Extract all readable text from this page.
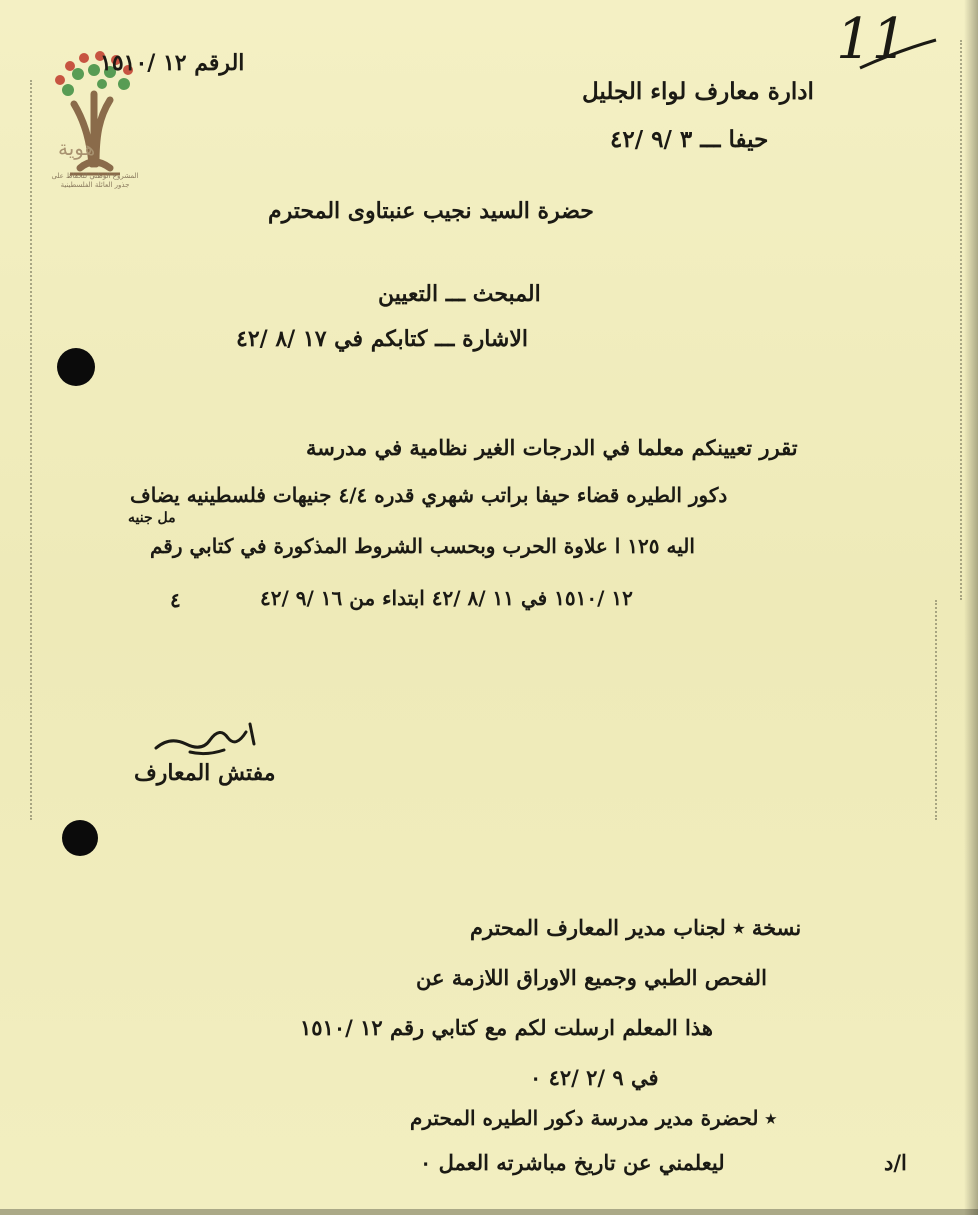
هوية
المشروع الوطني للحفاظ على
جذور العائلة الفلسطينية
11
الرقم ١٢ /١٥١٠
ادارة معارف لواء الجليل
حيفا ـــ ٣ /٩ /٤٢
حضرة السيد نجيب عنبتاوى المحترم
المبحث ـــ التعيين
الاشارة ـــ كتابكم في ١٧ /٨ /٤٢
تقرر تعيينكم معلما في الدرجات الغير نظامية في مدرسة
دكور الطيره قضاء حيفا براتب شهري قدره ٤/٤ جنيهات فلسطينيه يضاف
مل جنيه
اليه ١٢٥ ا علاوة الحرب وبحسب الشروط المذكورة في كتابي رقم
١٢ /١٥١٠ في ١١ /٨ /٤٢ ابتداء من ١٦ /٩ /٤٢
٤
مفتش المعارف
نسخة ٭ لجناب مدير المعارف المحترم
الفحص الطبي وجميع الاوراق اللازمة عن
هذا المعلم ارسلت لكم مع كتابي رقم ١٢ /١٥١٠
في ٩ /٢ /٤٢ ٠
٭ لحضرة مدير مدرسة دكور الطيره المحترم
ليعلمني عن تاريخ مباشرته العمل ٠	ا/د
